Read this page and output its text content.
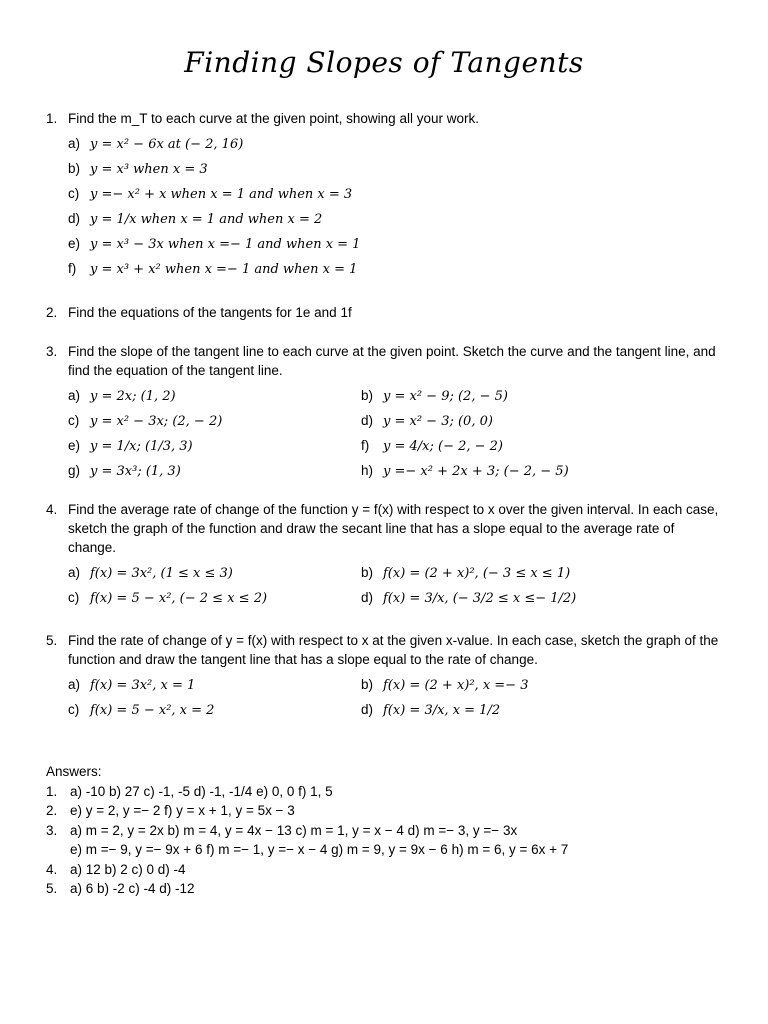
Finding Slopes of Tangents
1. Find the m_T to each curve at the given point, showing all your work.
a) y = x² − 6x at (− 2, 16)
b) y = x³ when x = 3
c) y =− x² + x when x = 1 and when x = 3
d) y = 1/x when x = 1 and when x = 2
e) y = x³ − 3x when x =− 1 and when x = 1
f) y = x³ + x² when x =− 1 and when x = 1
2. Find the equations of the tangents for 1e and 1f
3. Find the slope of the tangent line to each curve at the given point. Sketch the curve and the tangent line, and find the equation of the tangent line.
a) y = 2x; (1, 2)	b) y = x² − 9; (2, − 5)
c) y = x² − 3x; (2, − 2)	d) y = x² − 3; (0, 0)
e) y = 1/x; (1/3, 3)	f) y = 4/x; (− 2, − 2)
g) y = 3x³; (1, 3)	h) y =− x² + 2x + 3; (− 2, − 5)
4. Find the average rate of change of the function y = f(x) with respect to x over the given interval. In each case, sketch the graph of the function and draw the secant line that has a slope equal to the average rate of change.
a) f(x) = 3x², (1 ≤ x ≤ 3)	b) f(x) = (2 + x)², (− 3 ≤ x ≤ 1)
c) f(x) = 5 − x², (− 2 ≤ x ≤ 2)	d) f(x) = 3/x, (− 3/2 ≤ x ≤− 1/2)
5. Find the rate of change of y = f(x) with respect to x at the given x-value. In each case, sketch the graph of the function and draw the tangent line that has a slope equal to the rate of change.
a) f(x) = 3x², x = 1	b) f(x) = (2 + x)², x =− 3
c) f(x) = 5 − x², x = 2	d) f(x) = 3/x, x = 1/2
Answers:
1. a) -10 b) 27 c) -1, -5 d) -1, -1/4 e) 0, 0 f) 1, 5
2. e) y = 2, y =− 2 f) y = x + 1, y = 5x − 3
3. a) m = 2, y = 2x b) m = 4, y = 4x − 13 c) m = 1, y = x − 4 d) m =− 3, y =− 3x
e) m =− 9, y =− 9x + 6 f) m =− 1, y =− x − 4 g) m = 9, y = 9x − 6 h) m = 6, y = 6x + 7
4. a) 12 b) 2 c) 0 d) -4
5. a) 6 b) -2 c) -4 d) -12
